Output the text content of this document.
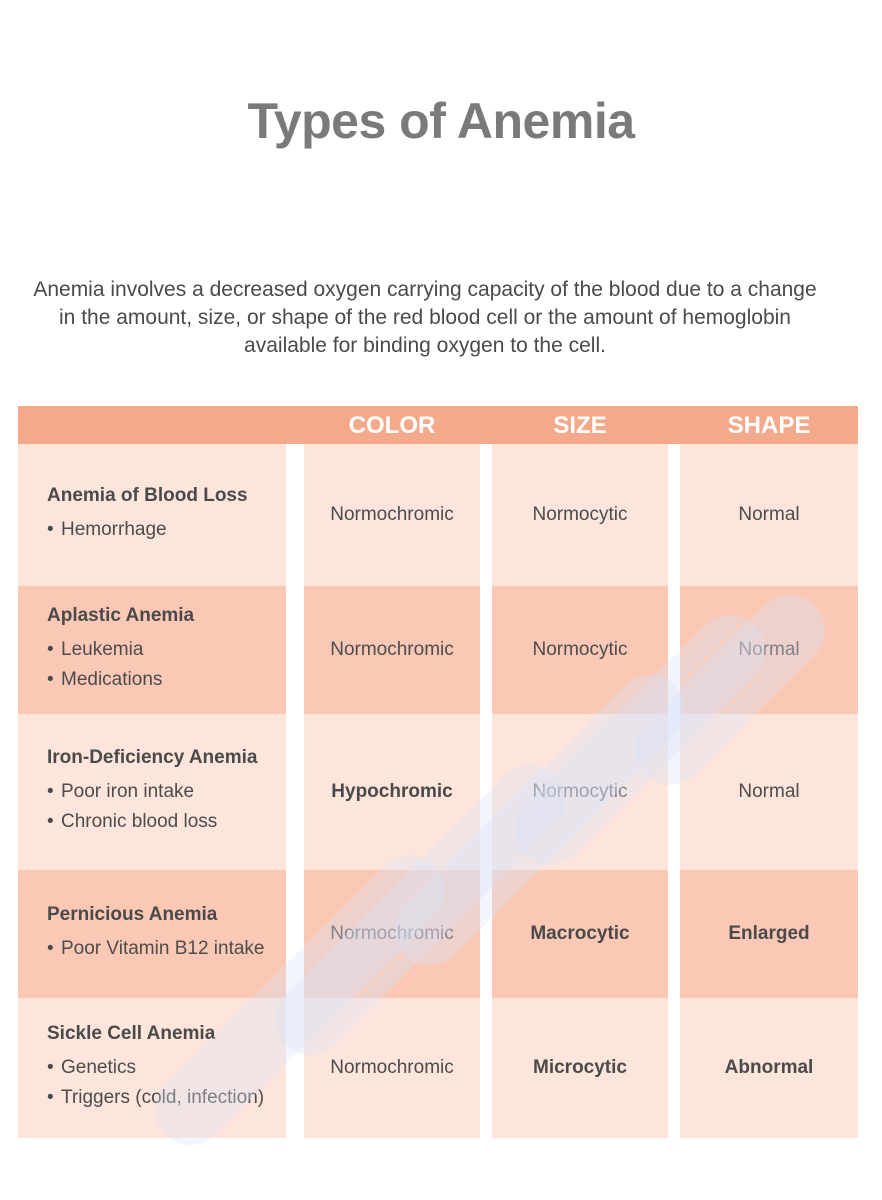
Types of Anemia
Anemia involves a decreased oxygen carrying capacity of the blood due to a change in the amount, size, or shape of the red blood cell or the amount of hemoglobin available for binding oxygen to the cell.
COLOR	SIZE	SHAPE
Anemia of Blood Loss
• Hemorrhage
Normochromic	Normocytic	Normal
Aplastic Anemia
• Leukemia
• Medications
Normochromic	Normocytic	Normal
Iron-Deficiency Anemia
• Poor iron intake
• Chronic blood loss
Hypochromic	Normocytic	Normal
Pernicious Anemia
• Poor Vitamin B12 intake
Normochromic	Macrocytic	Enlarged
Sickle Cell Anemia
• Genetics
• Triggers (cold, infection)
Normochromic	Microcytic	Abnormal
